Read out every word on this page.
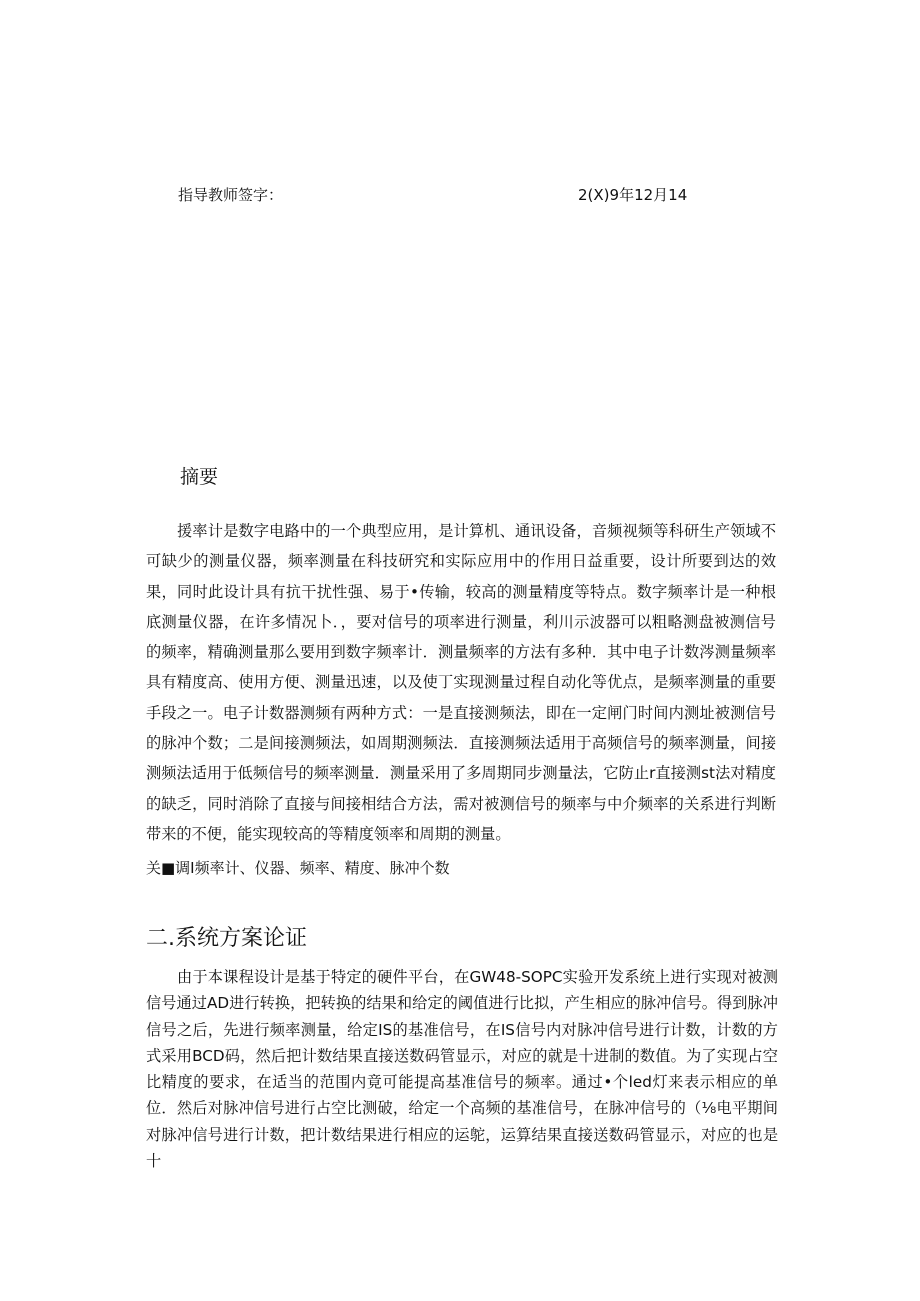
指导教师签字：	2(X)9年12月14
摘要

援率计是数字电路中的一个典型应用，是计算机、通讯设备，音频视频等科研生产领域不可缺少的测量仪器，频率测量在科技研究和实际应用中的作用日益重要，设计所要到达的效果，同时此设计具有抗干扰性强、易于•传输，较高的测量精度等特点。数字频率计是一种根底测量仪器，在许多情况卜．，要对信号的项率进行测量，利川示波器可以粗略测盘被测信号的频率，精确测量那么要用到数字频率计．测量频率的方法有多种．其中电子计数涔测量频率具有精度高、使用方便、测量迅速，以及使丁实现测量过程自动化等优点，是频率测量的重要手段之一。电子计数器测频有两种方式：一是直接测频法，即在一定闸门时间内测址被测信号的脉冲个数；二是间接测频法，如周期测频法．直接测频法适用于高频信号的频率测量，间接测频法适用于低频信号的频率测量．测量采用了多周期同步测量法，它防止r直接测st法对精度的缺乏，同时消除了直接与间接相结合方法，需对被测信号的频率与中介频率的关系进行判断带来的不便，能实现较高的等精度领率和周期的测量。

关■调I频率计、仪器、频率、精度、脉冲个数
二.系统方案论证

由于本课程设计是基于特定的硬件平台，在GW48-SOPC实验开发系统上进行实现对被测信号通过AD进行转换，把转换的结果和给定的阈值进行比拟，产生相应的脉冲信号。得到脉冲信号之后，先进行频率测量，给定IS的基准信号，在IS信号内对脉冲信号进行计数，计数的方式采用BCD码，然后把计数结果直接送数码管显示，对应的就是十进制的数值。为了实现占空比精度的要求，在适当的范围内竟可能提高基准信号的频率。通过•个led灯来表示相应的单位．然后对脉冲信号进行占空比测破，给定一个高频的基准信号，在脉冲信号的（⅛电平期间对脉冲信号进行计数，把计数结果进行相应的运鸵，运算结果直接送数码管显示，对应的也是十
